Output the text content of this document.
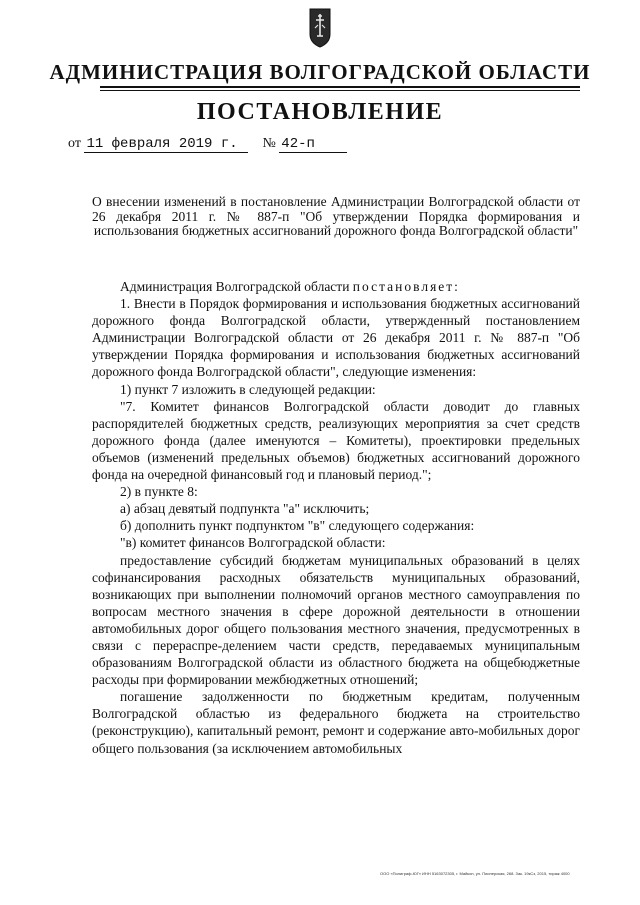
АДМИНИСТРАЦИЯ ВОЛГОГРАДСКОЙ ОБЛАСТИ
ПОСТАНОВЛЕНИЕ
от 11 февраля 2019 г. № 42-п
О внесении изменений в постановление Администрации Волгоградской области от 26 декабря 2011 г. № 887-п "Об утверждении Порядка формирования и использования бюджетных ассигнований дорожного фонда Волгоградской области"

Администрация Волгоградской области постановляет:

1. Внести в Порядок формирования и использования бюджетных ассигнований дорожного фонда Волгоградской области, утвержденный постановлением Администрации Волгоградской области от 26 декабря 2011 г. № 887-п "Об утверждении Порядка формирования и использования бюджетных ассигнований дорожного фонда Волгоградской области", следующие изменения:

1) пункт 7 изложить в следующей редакции:

"7. Комитет финансов Волгоградской области доводит до главных распорядителей бюджетных средств, реализующих мероприятия за счет средств дорожного фонда (далее именуются – Комитеты), проектировки предельных объемов (изменений предельных объемов) бюджетных ассигнований дорожного фонда на очередной финансовый год и плановый период.";

2) в пункте 8:

а) абзац девятый подпункта "а" исключить;

б) дополнить пункт подпунктом "в" следующего содержания:

"в) комитет финансов Волгоградской области:

предоставление субсидий бюджетам муниципальных образований в целях софинансирования расходных обязательств муниципальных образований, возникающих при выполнении полномочий органов местного самоуправления по вопросам местного значения в сфере дорожной деятельности в отношении автомобильных дорог общего пользования местного значения, предусмотренных в связи с перераспре-делением части средств, передаваемых муниципальным образованиям Волгоградской области из областного бюджета на общебюджетные расходы при формировании межбюджетных отношений;

погашение задолженности по бюджетным кредитам, полученным Волгоградской областью из федерального бюджета на строительство (реконструкцию), капитальный ремонт, ремонт и содержание авто-мобильных дорог общего пользования (за исключением автомобильных

ООО «Полиграф-ЮГ» ИНН 5163072305, г. Майкоп, ул. Пионерская, 268. Зак. 19кСз, 2015, тираж 4000
